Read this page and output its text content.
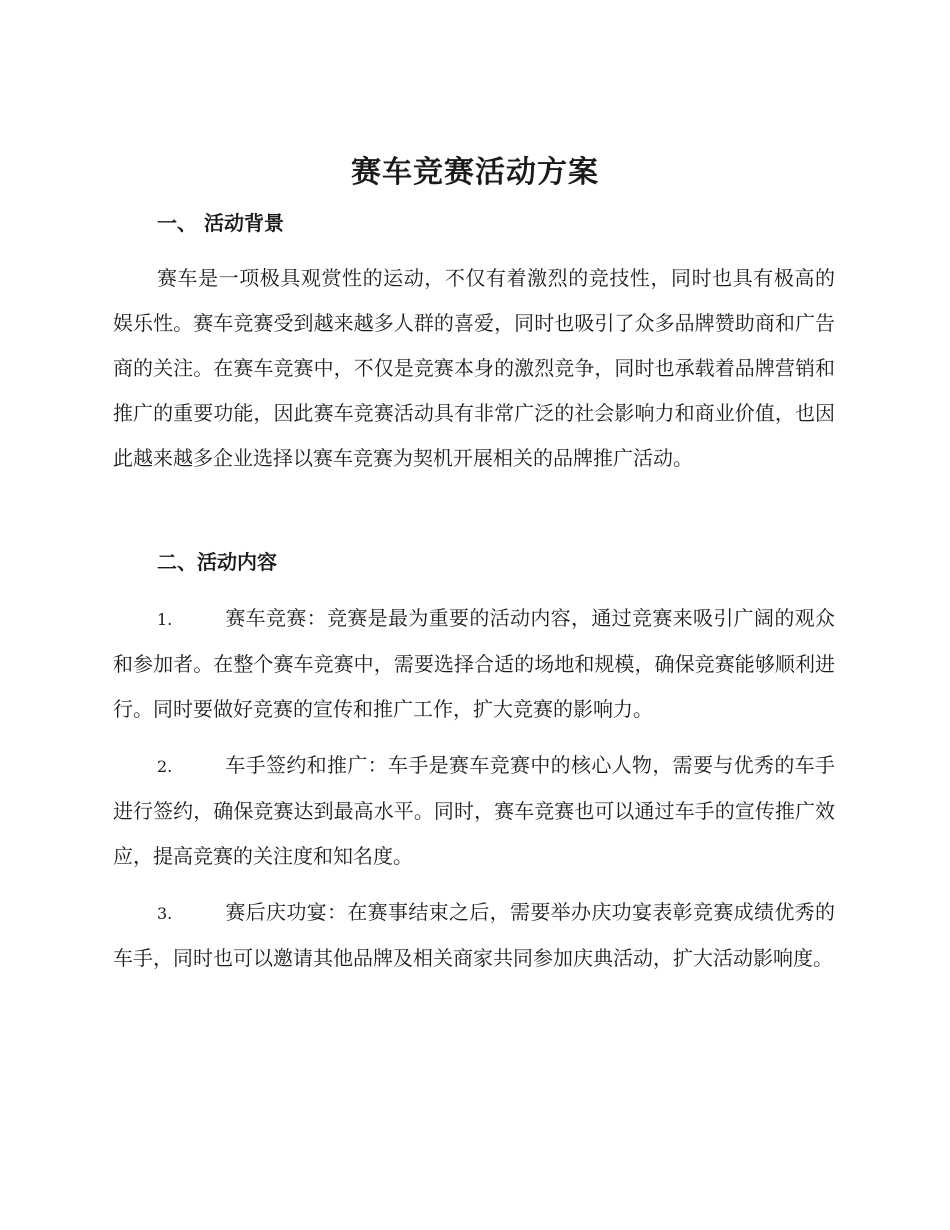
赛车竞赛活动方案
一、 活动背景
赛车是一项极具观赏性的运动，不仅有着激烈的竞技性，同时也具有极高的娱乐性。赛车竞赛受到越来越多人群的喜爱，同时也吸引了众多品牌赞助商和广告商的关注。在赛车竞赛中，不仅是竞赛本身的激烈竞争，同时也承载着品牌营销和推广的重要功能，因此赛车竞赛活动具有非常广泛的社会影响力和商业价值，也因此越来越多企业选择以赛车竞赛为契机开展相关的品牌推广活动。
二、活动内容
1.	赛车竞赛：竞赛是最为重要的活动内容，通过竞赛来吸引广阔的观众和参加者。在整个赛车竞赛中，需要选择合适的场地和规模，确保竞赛能够顺利进行。同时要做好竞赛的宣传和推广工作，扩大竞赛的影响力。
2.	车手签约和推广：车手是赛车竞赛中的核心人物，需要与优秀的车手进行签约，确保竞赛达到最高水平。同时，赛车竞赛也可以通过车手的宣传推广效应，提高竞赛的关注度和知名度。
3.	赛后庆功宴：在赛事结束之后，需要举办庆功宴表彰竞赛成绩优秀的车手，同时也可以邀请其他品牌及相关商家共同参加庆典活动，扩大活动影响度。
